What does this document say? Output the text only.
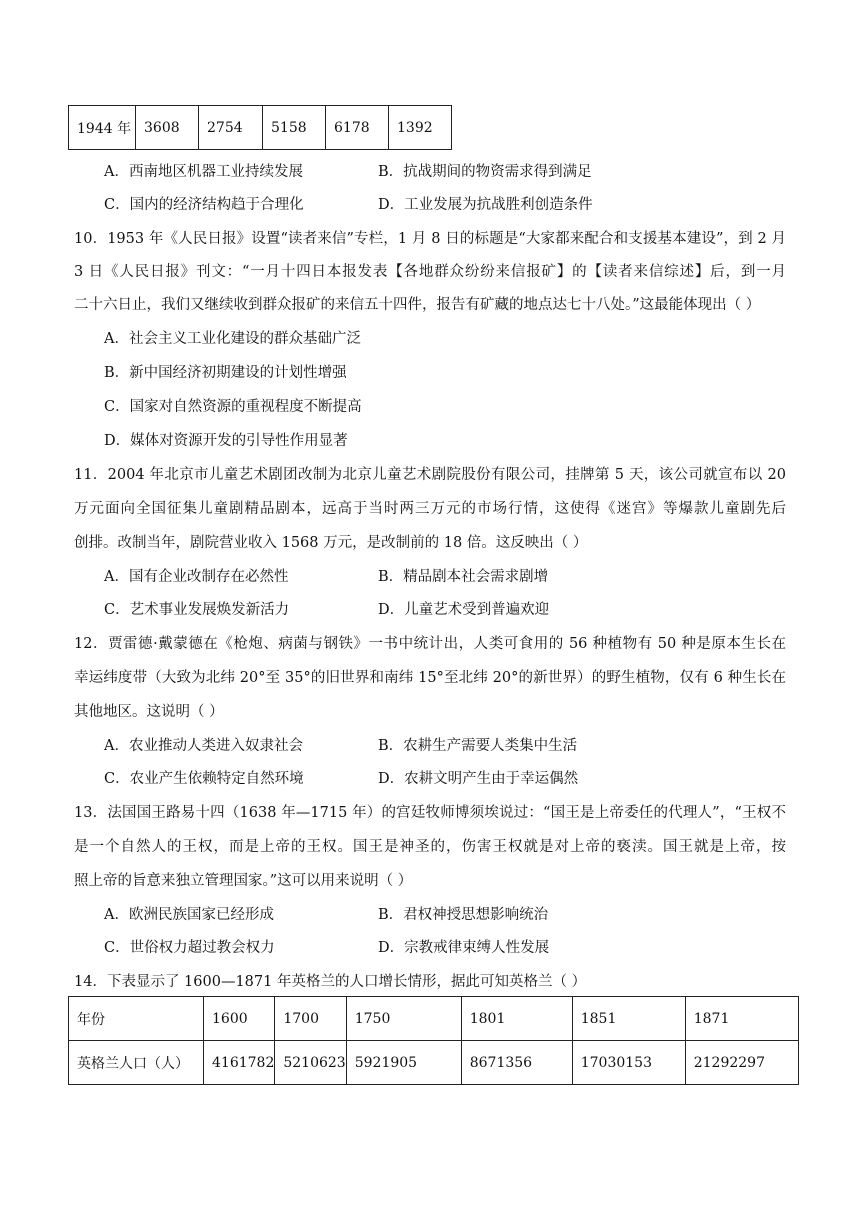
1944 年	3608	2754	5158	6178	1392
A．西南地区机器工业持续发展	B．抗战期间的物资需求得到满足
C．国内的经济结构趋于合理化	D．工业发展为抗战胜利创造条件
10．1953 年《人民日报》设置“读者来信”专栏，1 月 8 日的标题是“大家都来配合和支援基本建设”，到 2 月
3 日《人民日报》刊文：“一月十四日本报发表【各地群众纷纷来信报矿】的【读者来信综述】后，到一月
二十六日止，我们又继续收到群众报矿的来信五十四件，报告有矿藏的地点达七十八处。”这最能体现出（ ）
A．社会主义工业化建设的群众基础广泛
B．新中国经济初期建设的计划性增强
C．国家对自然资源的重视程度不断提高
D．媒体对资源开发的引导性作用显著
11．2004 年北京市儿童艺术剧团改制为北京儿童艺术剧院股份有限公司，挂牌第 5 天，该公司就宣布以 20
万元面向全国征集儿童剧精品剧本，远高于当时两三万元的市场行情，这使得《迷宫》等爆款儿童剧先后
创排。改制当年，剧院营业收入 1568 万元，是改制前的 18 倍。这反映出（ ）
A．国有企业改制存在必然性	B．精品剧本社会需求剧增
C．艺术事业发展焕发新活力	D．儿童艺术受到普遍欢迎
12．贾雷德·戴蒙德在《枪炮、病菌与钢铁》一书中统计出，人类可食用的 56 种植物有 50 种是原本生长在
幸运纬度带（大致为北纬 20°至 35°的旧世界和南纬 15°至北纬 20°的新世界）的野生植物，仅有 6 种生长在
其他地区。这说明（ ）
A．农业推动人类进入奴隶社会	B．农耕生产需要人类集中生活
C．农业产生依赖特定自然环境	D．农耕文明产生由于幸运偶然
13．法国国王路易十四（1638 年—1715 年）的宫廷牧师博须埃说过：“国王是上帝委任的代理人”，“王权不
是一个自然人的王权，而是上帝的王权。国王是神圣的，伤害王权就是对上帝的亵渎。国王就是上帝，按
照上帝的旨意来独立管理国家。”这可以用来说明（ ）
A．欧洲民族国家已经形成	B．君权神授思想影响统治
C．世俗权力超过教会权力	D．宗教戒律束缚人性发展
14．下表显示了 1600—1871 年英格兰的人口增长情形，据此可知英格兰（ ）
年份	1600	1700	1750	1801	1851	1871
英格兰人口（人）	4161782	5210623	5921905	8671356	17030153	21292297
